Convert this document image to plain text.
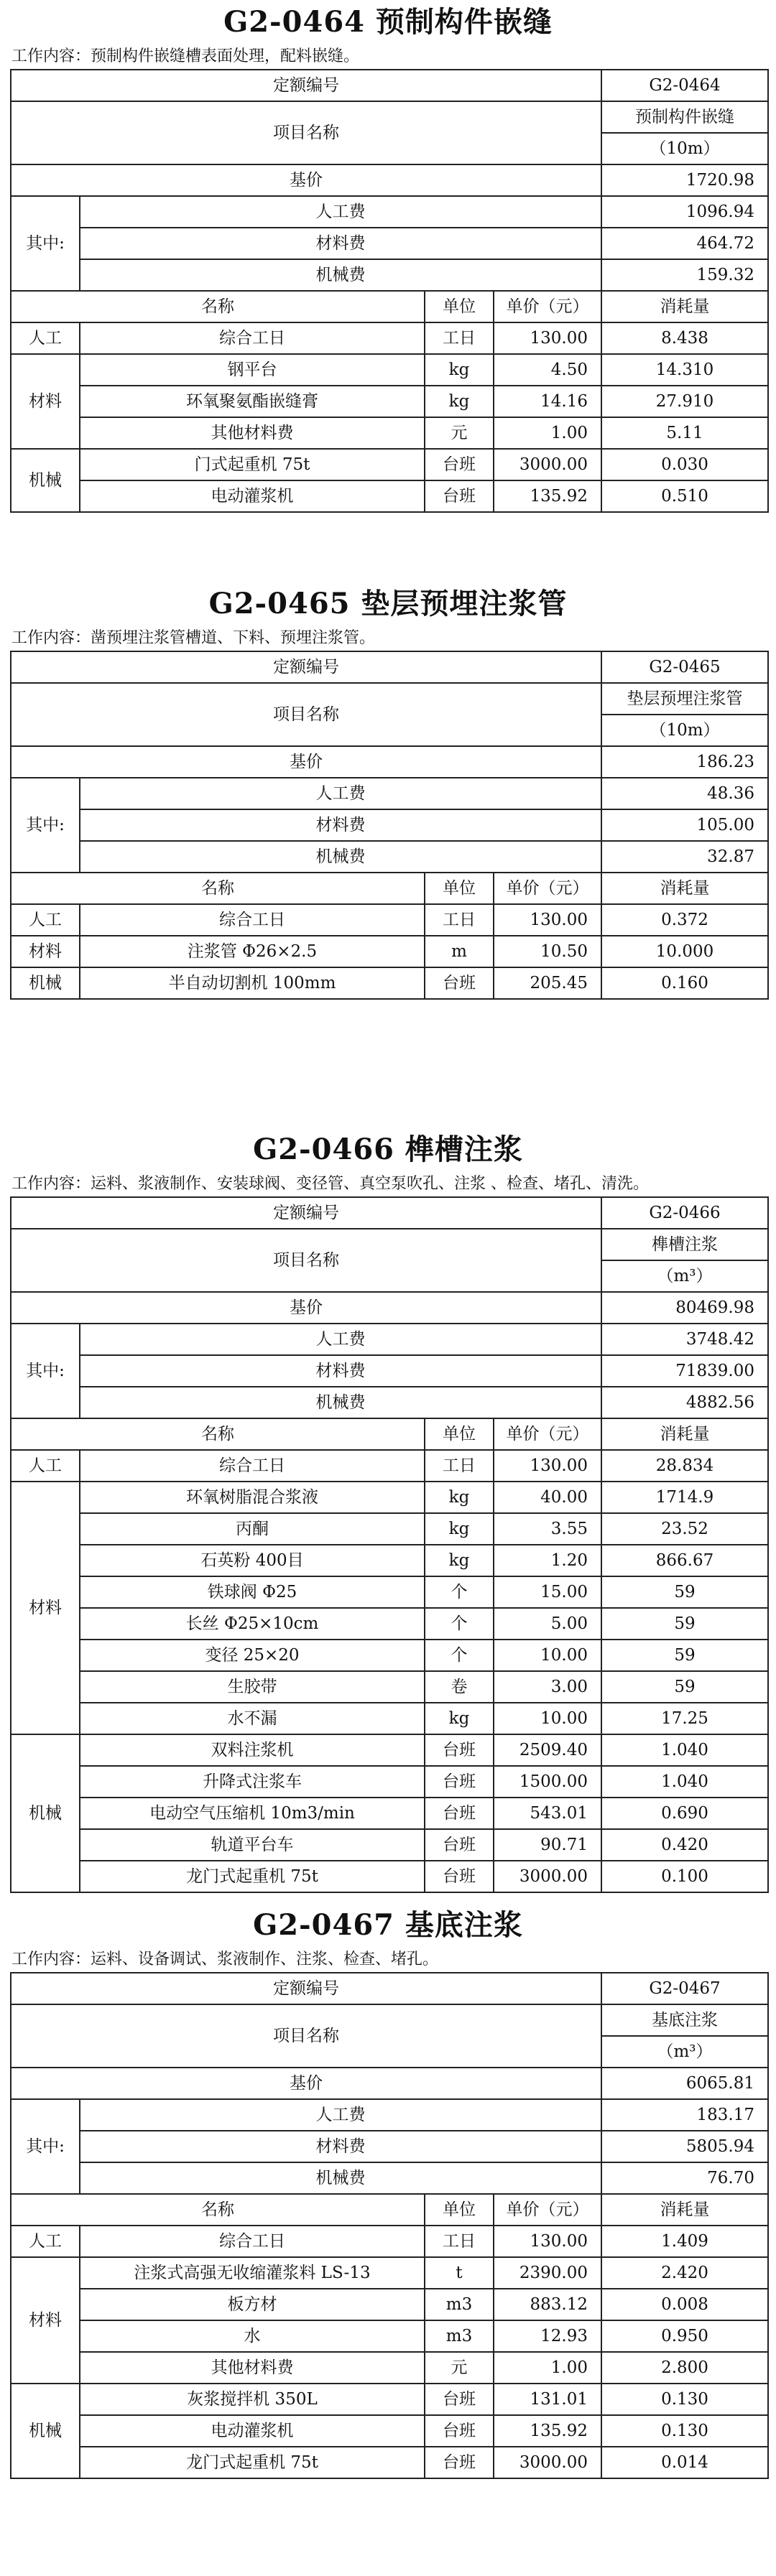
G2-0464 预制构件嵌缝
工作内容：预制构件嵌缝槽表面处理，配料嵌缝。
定额编号				G2-0464
项目名称				预制构件嵌缝
				（10m）
基价				1720.98
其中:	人工费			1096.94
	材料费			464.72
	机械费			159.32
名称		单位	单价（元）	消耗量
人工	综合工日	工日	130.00	8.438
材料	钢平台	kg	4.50	14.310
	环氧聚氨酯嵌缝膏	kg	14.16	27.910
	其他材料费	元	1.00	5.11
机械	门式起重机 75t	台班	3000.00	0.030
	电动灌浆机	台班	135.92	0.510
G2-0465 垫层预埋注浆管
工作内容：凿预埋注浆管槽道、下料、预埋注浆管。
定额编号				G2-0465
项目名称				垫层预埋注浆管
				（10m）
基价				186.23
其中:	人工费			48.36
	材料费			105.00
	机械费			32.87
名称		单位	单价（元）	消耗量
人工	综合工日	工日	130.00	0.372
材料	注浆管 Φ26×2.5	m	10.50	10.000
机械	半自动切割机 100mm	台班	205.45	0.160
G2-0466 榫槽注浆
工作内容：运料、浆液制作、安装球阀、变径管、真空泵吹孔、注浆 、检查、堵孔、清洗。
定额编号				G2-0466
项目名称				榫槽注浆
				（m³）
基价				80469.98
其中:	人工费			3748.42
	材料费			71839.00
	机械费			4882.56
名称		单位	单价（元）	消耗量
人工	综合工日	工日	130.00	28.834
材料	环氧树脂混合浆液	kg	40.00	1714.9
	丙酮	kg	3.55	23.52
	石英粉 400目	kg	1.20	866.67
	铁球阀 Φ25	个	15.00	59
	长丝 Φ25×10cm	个	5.00	59
	变径 25×20	个	10.00	59
	生胶带	卷	3.00	59
	水不漏	kg	10.00	17.25
机械	双料注浆机	台班	2509.40	1.040
	升降式注浆车	台班	1500.00	1.040
	电动空气压缩机 10m3/min	台班	543.01	0.690
	轨道平台车	台班	90.71	0.420
	龙门式起重机 75t	台班	3000.00	0.100
G2-0467 基底注浆
工作内容：运料、设备调试、浆液制作、注浆、检查、堵孔。
定额编号				G2-0467
项目名称				基底注浆
				（m³）
基价				6065.81
其中:	人工费			183.17
	材料费			5805.94
	机械费			76.70
名称		单位	单价（元）	消耗量
人工	综合工日	工日	130.00	1.409
材料	注浆式高强无收缩灌浆料 LS-13	t	2390.00	2.420
	板方材	m3	883.12	0.008
	水	m3	12.93	0.950
	其他材料费	元	1.00	2.800
机械	灰浆搅拌机 350L	台班	131.01	0.130
	电动灌浆机	台班	135.92	0.130
	龙门式起重机 75t	台班	3000.00	0.014
